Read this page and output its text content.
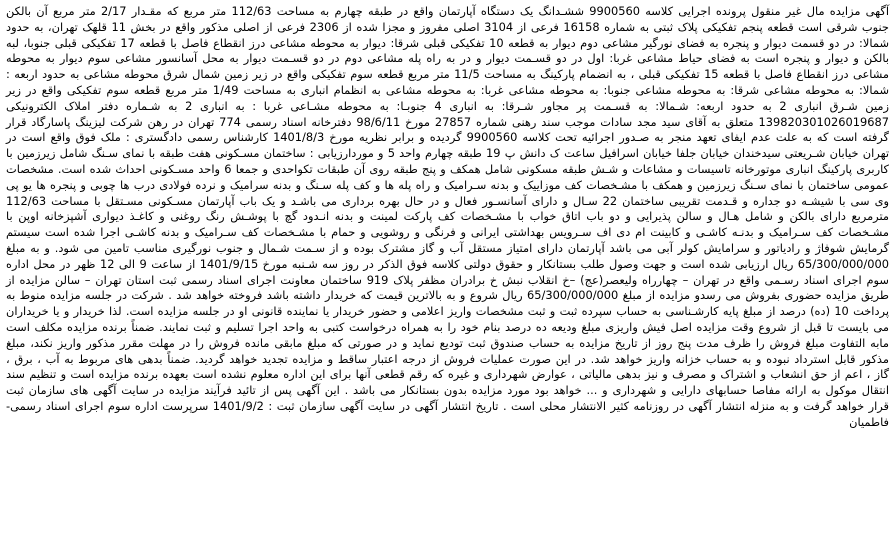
آگهی مزایده مال غیر منقول پرونده اجرایی کلاسه 9900560 ششـدانگ یک دستگاه آپارتمان واقع در طبقه چهارم به مساحت 112/63 متر مربع که مقـدار 2/17 متر مربع آن بالکن جنوب شرقی است قطعه پنجم تفکیکی پلاک ثبتی به شماره 16158 فرعی از 3104 اصلی مفروز و مجزا شده از 2306 فرعی از اصلی مذکور واقع در بخش 11 قلهک تهران، به حدود شمالا: در دو قسمت دیوار و پنجره به فضای نورگیر مشاعی دوم دیوار به قطعه 10 تفکیکی قبلی شرقا: دیوار به محوطه مشاعی درز انقطاع فاصل با قطعه 17 تفکیکی قبلی جنوبا، لبه بالکن و دیوار و پنجره است به فضای حیاط مشاعی غربا: اول در دو قسـمت دیوار و در به راه پله مشاعی دوم در دو قسـمت دیوار به محل آسانسور مشاعی سوم دیوار به محوطه مشاعی درز انقطاع فاصل با قطعه 15 تفکیکی قبلی ، به انضمام پارکینگ به مساحت 11/5 متر مربع قطعه سوم تفکیکی واقع در زیر زمین شمال شرق محوطه مشاعی به حدود اربعه : شمالا: به محوطه مشاعی شرقا: به محوطه مشاعی جنوبا: به محوطه مشاعی غربا: به محوطه مشاعی به انظمام انباری به مساحت 1/49 متر مربع قطعه سوم تفکیکی واقع در زیر زمین شـرق انباری 2 به حدود اربعه: شـمالا: به قسـمت پر مجاور شـرقا: به انباری 4 جنوبـا: به محوطه مشـاعی غربا : به انباری 2 به شـماره دفتر املاک الکترونیکی 139820301026019687 متعلق به آقای سید مجد سادات موجب سند رهنی شماره 27857 مورخ 98/6/11 دفترخانه اسناد رسمی 774 تهران در رهن شرکت لیزینگ پاسارگاد قرار گرفته است که به علت عدم ایفای تعهد منجر به صـدور اجرائیه تحت کلاسه 9900560 گردیده و برابر نظریه مورخ 1401/8/3 کارشناس رسمی دادگستری : ملک فوق واقع است در تهران خیابان شـریعتی سیدخندان خیابان جلفا خیابان اسرافیل ساعت ک دانش پ 19 طبقه چهارم واحد 5 و موردارزیابی : ساختمان مسـکونی هفت طبقه با نمای سـنگ شامل زیرزمین با کاربری پارکینگ انباری موتورخانه تاسیسات و مشاعات و شـش طبقه مسکونی شامل همکف و پنج طبقه روی آن طبقات تکواحدی و جمعا 6 واحد مسـکونی احداث شده است. مشخصات عمومی ساختمان با نمای سـنگ زیرزمین و همکف با مشـخصات کف موزاییک و بدنه سـرامیک و راه پله ها و کف پله سـنگ و بدنه سرامیک و نرده فولادی درب ها چوبی و پنجره ها یو پی وی سی با شیشـه دو جداره و قـدمت تقریبی ساختمان 22 سـال و دارای آسانسـور فعال و در حال بهره برداری می باشـد و یک باب آپارتمان مسـکونی مسـتقل با مساحت 112/63 مترمربع دارای بالکن و شامل هـال و سالن پذیرایی و دو باب اتاق خواب با مشـخصات کف پارکت لمینت و بدنه انـدود گچ با پوشـش رنگ روغنی و کاغـذ دیواری آشپزخانه اوپن با مشـخصات کف سـرامیک و بدنـه کاشـی و کابینت ام دی اف سـرویس بهداشتی ایرانی و فرنگی و روشویی و حمام با مشـخصات کف سـرامیک و بدنه کاشـی اجرا شده است سیستم گرمایش شوفاژ و رادیاتور و سرامایش کولر آبی می باشد آپارتمان دارای امتیاز مستقل آب و گاز مشترک بوده و از سـمت شـمال و جنوب نورگیری مناسب تامین می شود. و به مبلغ 65/300/000/000 ریال ارزیابی شده است و جهت وصول طلب بستانکار و حقوق دولتی کلاسه فوق الذکر در روز سه شـنبه مورخ 1401/9/15 از ساعت 9 الی 12 ظهر در محل اداره سوم اجرای اسناد رسـمی واقع در تهران – چهارراه ولیعصر(عج) –خ انقلاب نبش خ برادران مظفر پلاک 919 ساختمان معاونت اجرای اسناد رسمی ثبت استان تهران – سالن مزایده از طریق مزایده حضوری بفروش می رسدو مزایده از مبلغ 65/300/000/000 ریال شروع و به بالاترین قیمت که خریدار داشته باشد فروخته خواهد شد . شرکت در جلسه مزایده منوط به پرداخت 10 (ده) درصد از مبلغ پایه کارشـناسی به حساب سپرده ثبت و ثبت مشخصات واریز اعلامی و حضور خریدار یا نماینده قانونی او در جلسه مزایده است. لذا خریدار و یا خریداران می بایست تا قبل از شروع وقت مزایده اصل فیش واریزی مبلغ ودیعه ده درصد بنام خود را به همراه درخواست کتبی به واحد اجرا تسلیم و ثبت نمایند. ضمناً برنده مزایده مکلف است مابه التفاوت مبلغ فروش را ظرف مدت پنج روز از تاریخ مزایده به حساب صندوق ثبت تودیع نماید و در صورتی که مبلغ مابقی مانده فروش را در مهلت مقرر مذکور واریز نکند، مبلغ مذکور قابل استرداد نبوده و به حساب خزانه واریز خواهد شد. در این صورت عملیات فروش از درجه اعتبار ساقط و مزایده تجدید خواهد گردید. ضمناً بدهی های مربوط به آب ، برق ، گاز ، اعم از حق انشعاب و اشتراک و مصرف و نیز بدهی مالیاتی ، عوارض شهرداری و غیره که رقم قطعی آنها برای این اداره معلوم نشده است بعهده برنده مزایده است و تنظیم سند انتقال موکول به ارائه مفاصا حسابهای دارایی و شهرداری و ... خواهد بود مورد مزایده بدون بستانکار می باشد . این آگهی پس از تائید فرآیند مزایده در سایت آگهی های سازمان ثبت قرار خواهد گرفت و به منزله انتشار آگهی در روزنامه کثیر الانتشار محلی است . تاریخ انتشار آگهی در سایت آگهی سازمان ثبت : 1401/9/2 سرپرست اداره سوم اجرای اسناد رسمی- فاطمیان
